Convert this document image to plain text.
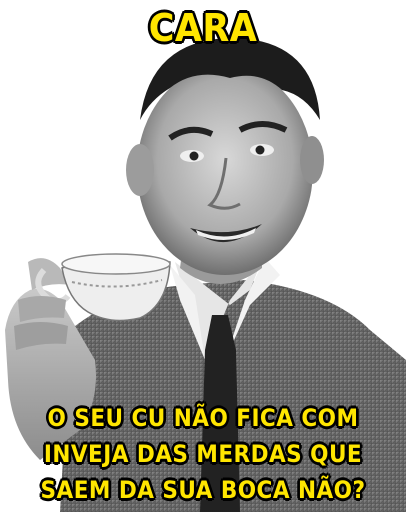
CARA
O SEU CU NÃO FICA COM
INVEJA DAS MERDAS QUE
SAEM DA SUA BOCA NÃO?
